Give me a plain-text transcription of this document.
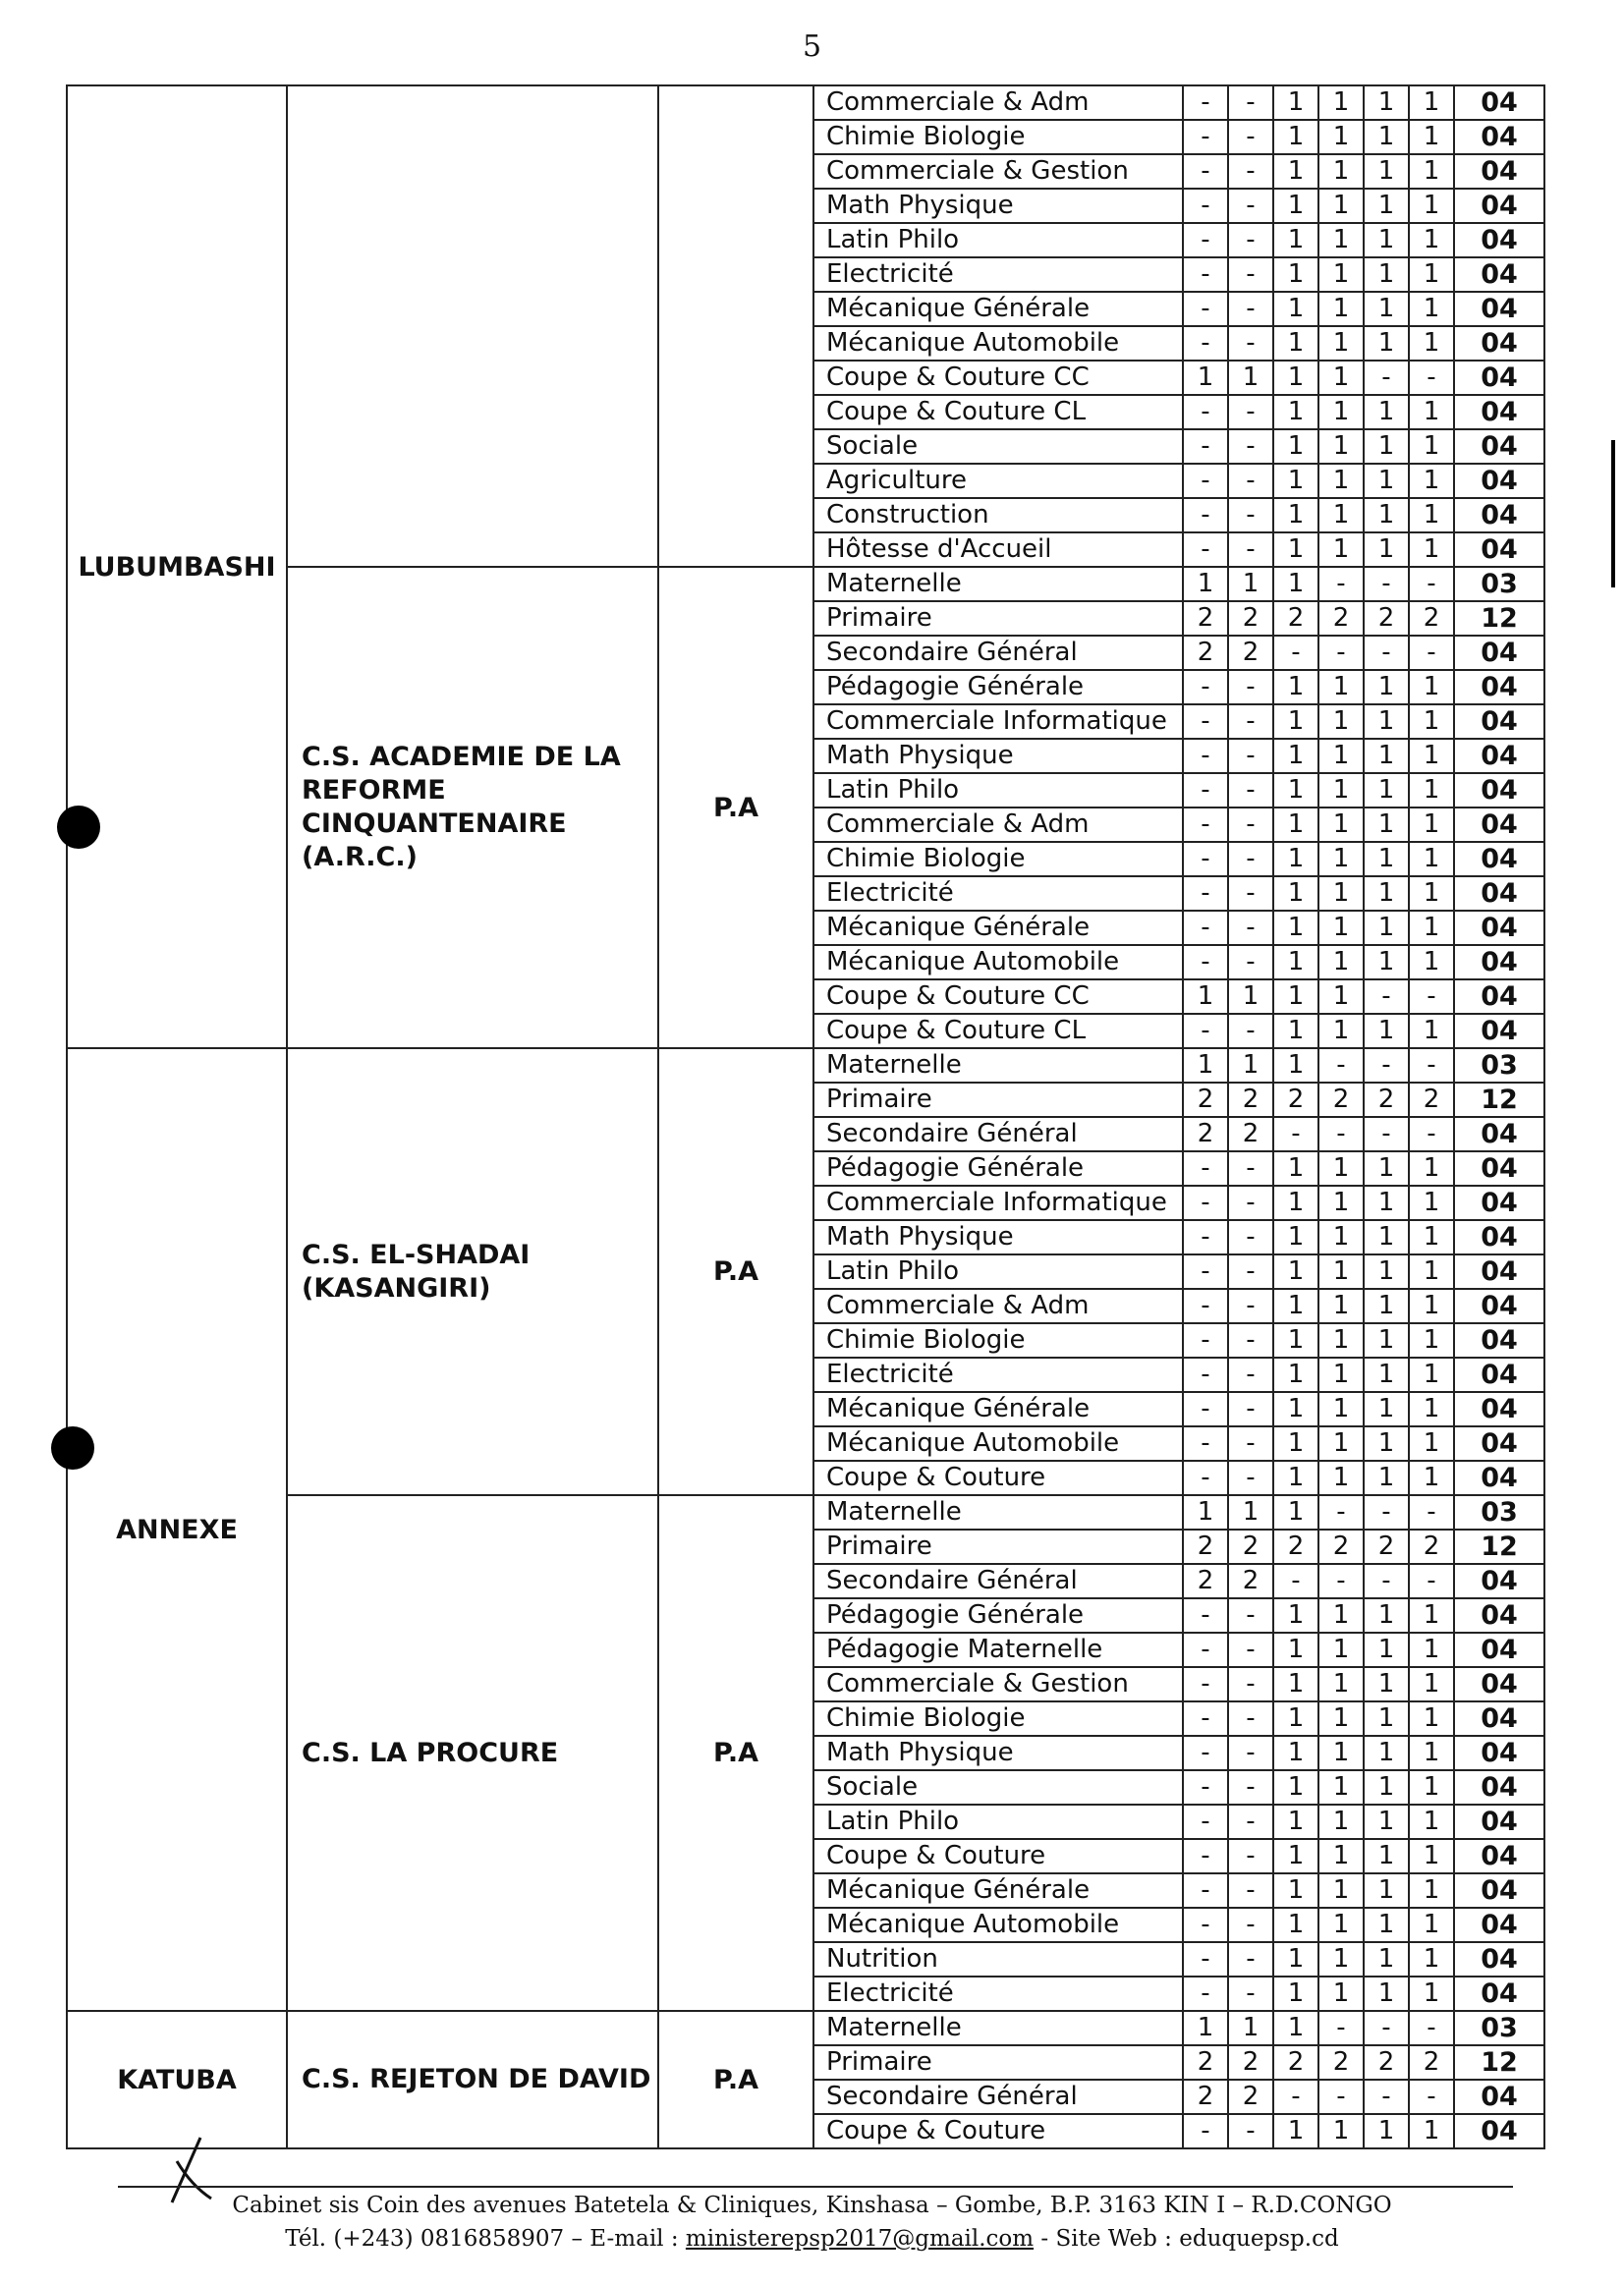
5
LUBUMBASHI			Commerciale & Adm	-	-	1	1	1	1	04
			Chimie Biologie	-	-	1	1	1	1	04
			Commerciale & Gestion	-	-	1	1	1	1	04
			Math Physique	-	-	1	1	1	1	04
			Latin Philo	-	-	1	1	1	1	04
			Electricité	-	-	1	1	1	1	04
			Mécanique Générale	-	-	1	1	1	1	04
			Mécanique Automobile	-	-	1	1	1	1	04
			Coupe & Couture CC	1	1	1	1	-	-	04
			Coupe & Couture CL	-	-	1	1	1	1	04
			Sociale	-	-	1	1	1	1	04
			Agriculture	-	-	1	1	1	1	04
			Construction	-	-	1	1	1	1	04
			Hôtesse d'Accueil	-	-	1	1	1	1	04
	C.S. ACADEMIE DE LA REFORME CINQUANTENAIRE (A.R.C.)	P.A	Maternelle	1	1	1	-	-	-	03
			Primaire	2	2	2	2	2	2	12
			Secondaire Général	2	2	-	-	-	-	04
			Pédagogie Générale	-	-	1	1	1	1	04
			Commerciale Informatique	-	-	1	1	1	1	04
			Math Physique	-	-	1	1	1	1	04
			Latin Philo	-	-	1	1	1	1	04
			Commerciale & Adm	-	-	1	1	1	1	04
			Chimie Biologie	-	-	1	1	1	1	04
			Electricité	-	-	1	1	1	1	04
			Mécanique Générale	-	-	1	1	1	1	04
			Mécanique Automobile	-	-	1	1	1	1	04
			Coupe & Couture CC	1	1	1	1	-	-	04
			Coupe & Couture CL	-	-	1	1	1	1	04
ANNEXE	C.S. EL-SHADAI (KASANGIRI)	P.A	Maternelle	1	1	1	-	-	-	03
			Primaire	2	2	2	2	2	2	12
			Secondaire Général	2	2	-	-	-	-	04
			Pédagogie Générale	-	-	1	1	1	1	04
			Commerciale Informatique	-	-	1	1	1	1	04
			Math Physique	-	-	1	1	1	1	04
			Latin Philo	-	-	1	1	1	1	04
			Commerciale & Adm	-	-	1	1	1	1	04
			Chimie Biologie	-	-	1	1	1	1	04
			Electricité	-	-	1	1	1	1	04
			Mécanique Générale	-	-	1	1	1	1	04
			Mécanique Automobile	-	-	1	1	1	1	04
			Coupe & Couture	-	-	1	1	1	1	04
	C.S. LA PROCURE	P.A	Maternelle	1	1	1	-	-	-	03
			Primaire	2	2	2	2	2	2	12
			Secondaire Général	2	2	-	-	-	-	04
			Pédagogie Générale	-	-	1	1	1	1	04
			Pédagogie Maternelle	-	-	1	1	1	1	04
			Commerciale & Gestion	-	-	1	1	1	1	04
			Chimie Biologie	-	-	1	1	1	1	04
			Math Physique	-	-	1	1	1	1	04
			Sociale	-	-	1	1	1	1	04
			Latin Philo	-	-	1	1	1	1	04
			Coupe & Couture	-	-	1	1	1	1	04
			Mécanique Générale	-	-	1	1	1	1	04
			Mécanique Automobile	-	-	1	1	1	1	04
			Nutrition	-	-	1	1	1	1	04
			Electricité	-	-	1	1	1	1	04
KATUBA	C.S. REJETON DE DAVID	P.A	Maternelle	1	1	1	-	-	-	03
			Primaire	2	2	2	2	2	2	12
			Secondaire Général	2	2	-	-	-	-	04
			Coupe & Couture	-	-	1	1	1	1	04
Cabinet sis Coin des avenues Batetela & Cliniques, Kinshasa – Gombe, B.P. 3163 KIN I – R.D.CONGO
Tél. (+243) 0816858907 – E-mail : ministerepsp2017@gmail.com - Site Web : eduquepsp.cd
